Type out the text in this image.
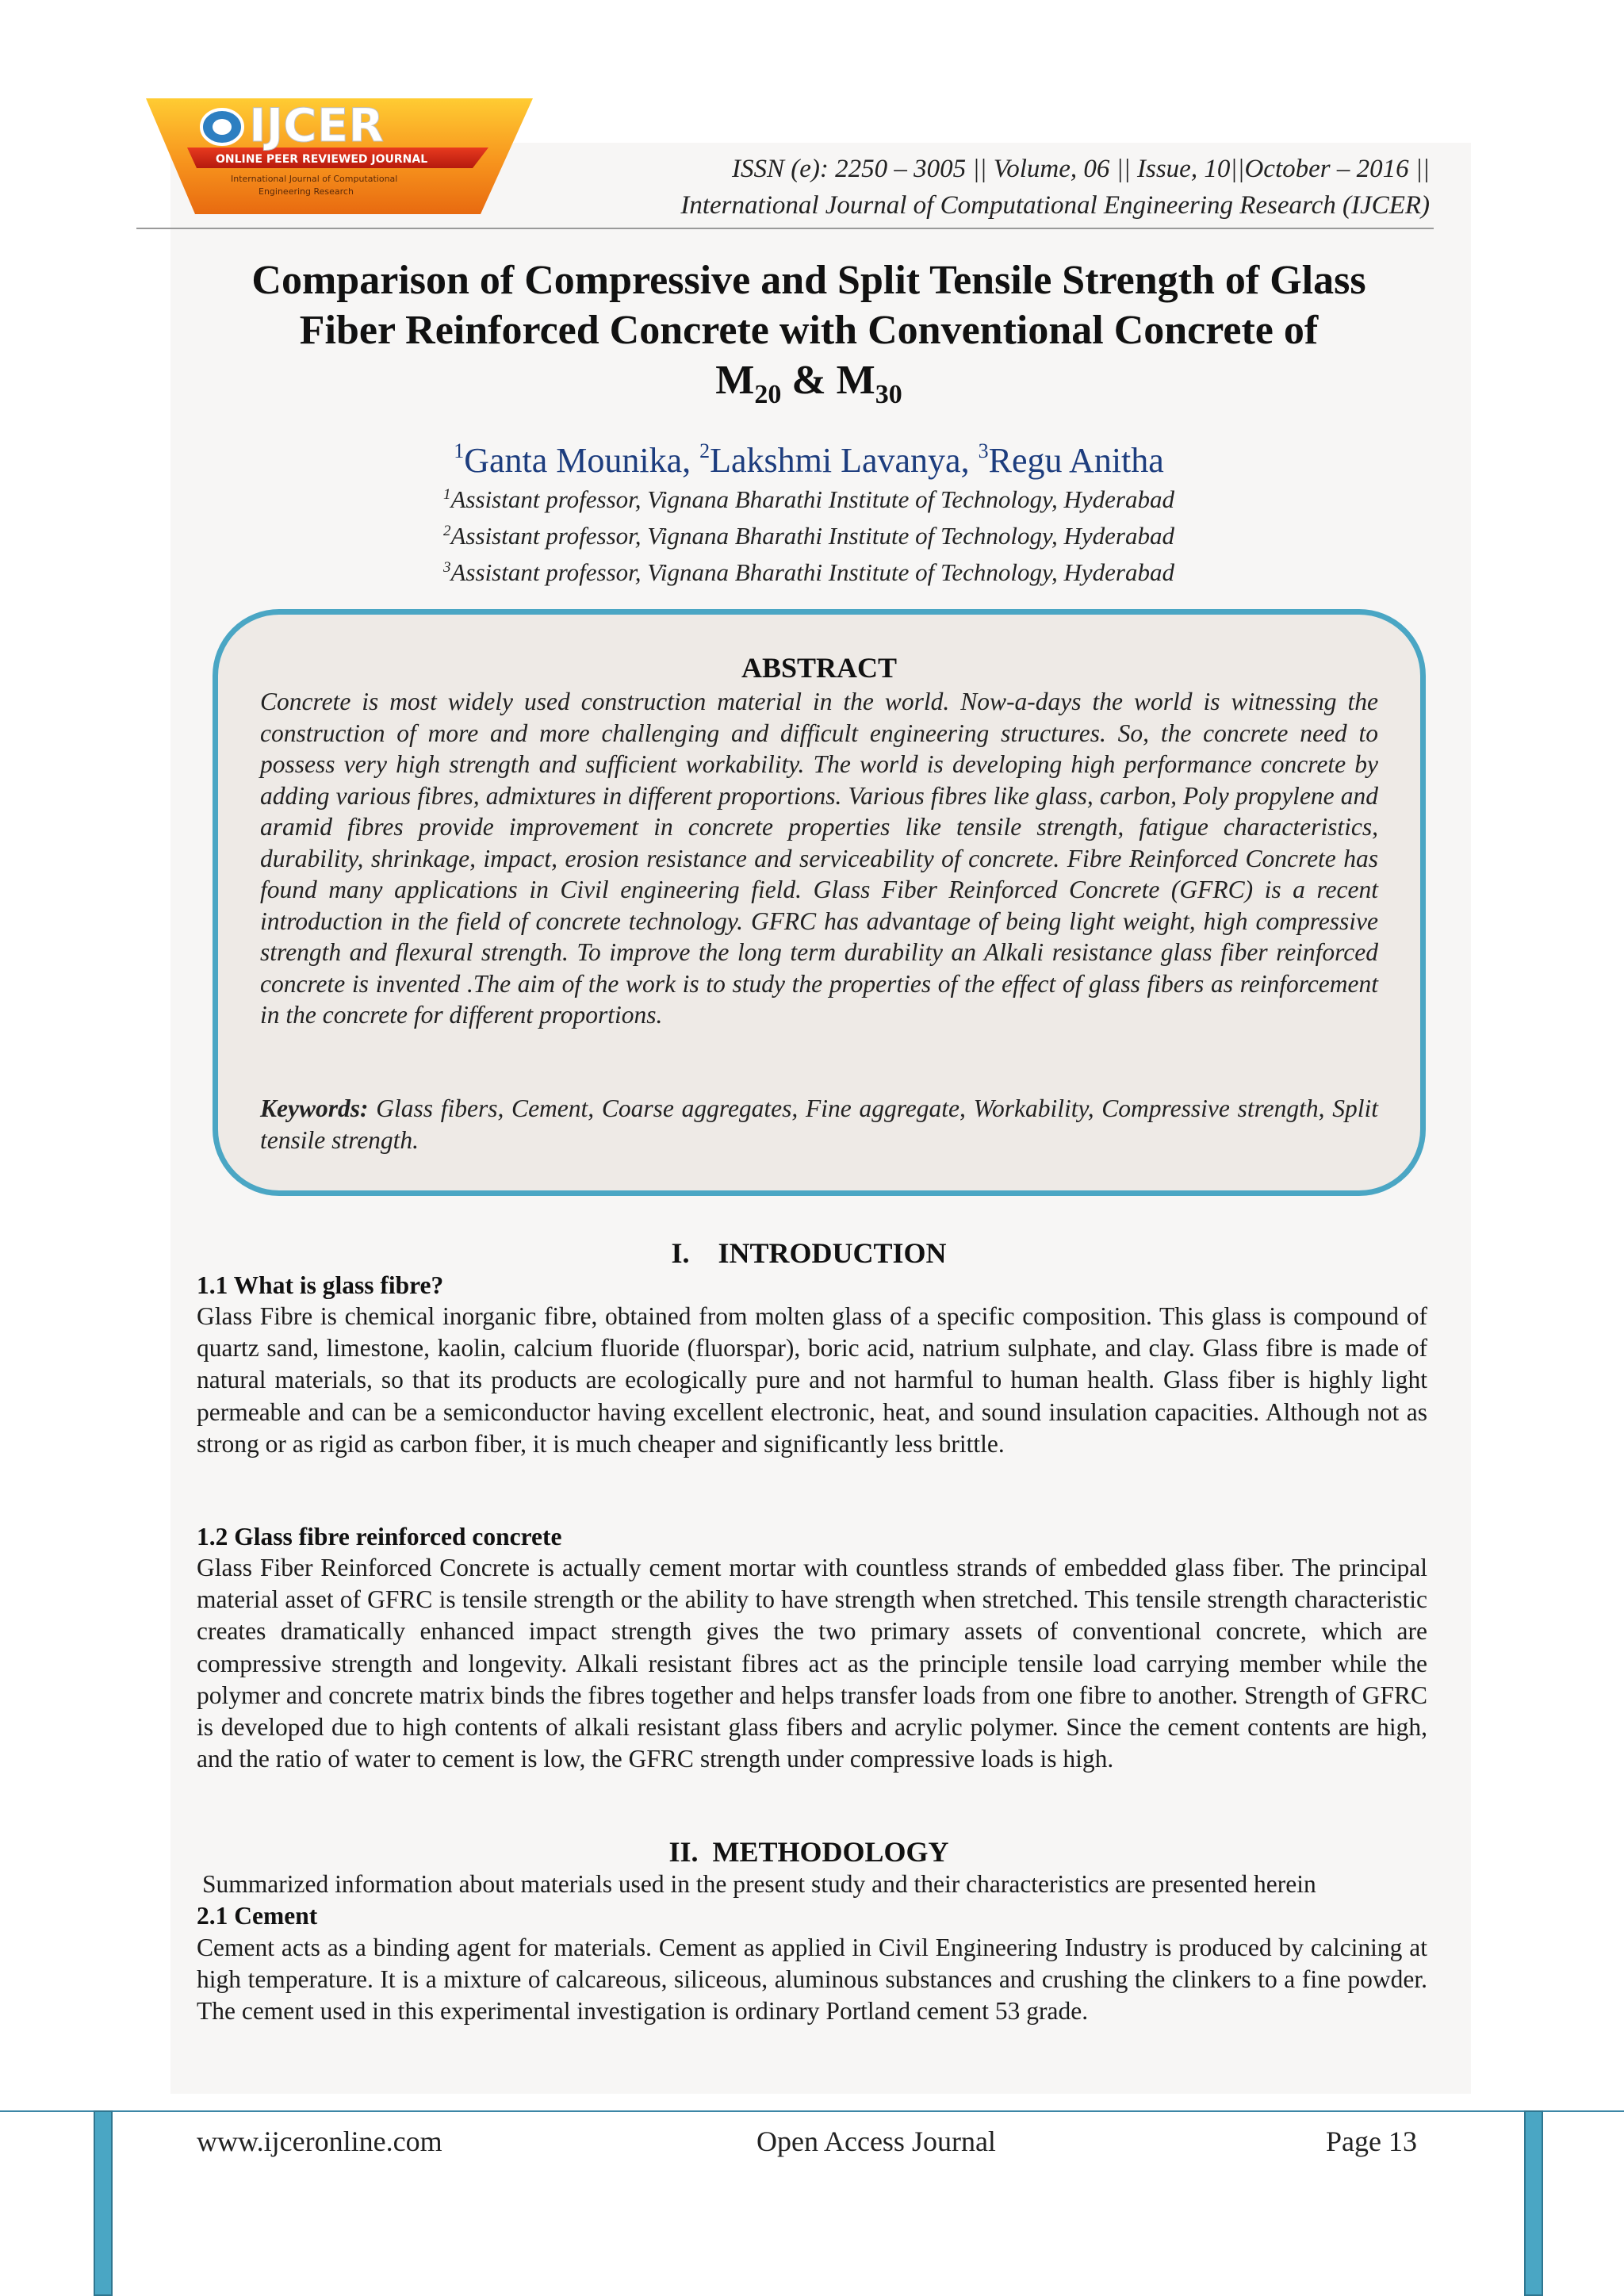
IJCER
ONLINE PEER REVIEWED JOURNAL
International Journal of Computational
Engineering Research
ISSN (e): 2250 – 3005 || Volume, 06 || Issue, 10||October – 2016 ||
International Journal of Computational Engineering Research (IJCER)
Comparison of Compressive and Split Tensile Strength of Glass
Fiber Reinforced Concrete with Conventional Concrete of
$M_{20}$ & $M_{30}$
$^1$Ganta Mounika, $^2$Lakshmi Lavanya, $^3$Regu Anitha
$^1$Assistant professor, Vignana Bharathi Institute of Technology, Hyderabad
$^2$Assistant professor, Vignana Bharathi Institute of Technology, Hyderabad
$^3$Assistant professor, Vignana Bharathi Institute of Technology, Hyderabad
ABSTRACT
Concrete is most widely used construction material in the world. Now-a-days the world is witnessing the construction of more and more challenging and difficult engineering structures. So, the concrete need to possess very high strength and sufficient workability. The world is developing high performance concrete by adding various fibres, admixtures in different proportions. Various fibres like glass, carbon, Poly propylene and aramid fibres provide improvement in concrete properties like tensile strength, fatigue characteristics, durability, shrinkage, impact, erosion resistance and serviceability of concrete. Fibre Reinforced Concrete has found many applications in Civil engineering field. Glass Fiber Reinforced Concrete (GFRC) is a recent introduction in the field of concrete technology. GFRC has advantage of being light weight, high compressive strength and flexural strength. To improve the long term durability an Alkali resistance glass fiber reinforced concrete is invented .The aim of the work is to study the properties of the effect of glass fibers as reinforcement in the concrete for different proportions.
Keywords: Glass fibers, Cement, Coarse aggregates, Fine aggregate, Workability, Compressive strength, Split tensile strength.
I.    INTRODUCTION
1.1 What is glass fibre?
Glass Fibre is chemical inorganic fibre, obtained from molten glass of a specific composition. This glass is compound of quartz sand, limestone, kaolin, calcium fluoride (fluorspar), boric acid, natrium sulphate, and clay. Glass fibre is made of natural materials, so that its products are ecologically pure and not harmful to human health. Glass fiber is highly light permeable and can be a semiconductor having excellent electronic, heat, and sound insulation capacities. Although not as strong or as rigid as carbon fiber, it is much cheaper and significantly less brittle.
1.2 Glass fibre reinforced concrete
Glass Fiber Reinforced Concrete is actually cement mortar with countless strands of embedded glass fiber. The principal material asset of GFRC is tensile strength or the ability to have strength when stretched. This tensile strength characteristic creates dramatically enhanced impact strength gives the two primary assets of conventional concrete, which are compressive strength and longevity. Alkali resistant fibres act as the principle tensile load carrying member while the polymer and concrete matrix binds the fibres together and helps transfer loads from one fibre to another. Strength of GFRC is developed due to high contents of alkali resistant glass fibers and acrylic polymer. Since the cement contents are high, and the ratio of water to cement is low, the GFRC strength under compressive loads is high.
II.  METHODOLOGY
Summarized information about materials used in the present study and their characteristics are presented herein
2.1 Cement
Cement acts as a binding agent for materials. Cement as applied in Civil Engineering Industry is produced by calcining at high temperature. It is a mixture of calcareous, siliceous, aluminous substances and crushing the clinkers to a fine powder. The cement used in this experimental investigation is ordinary Portland cement 53 grade.
www.ijceronline.com	Open Access Journal	Page 13
